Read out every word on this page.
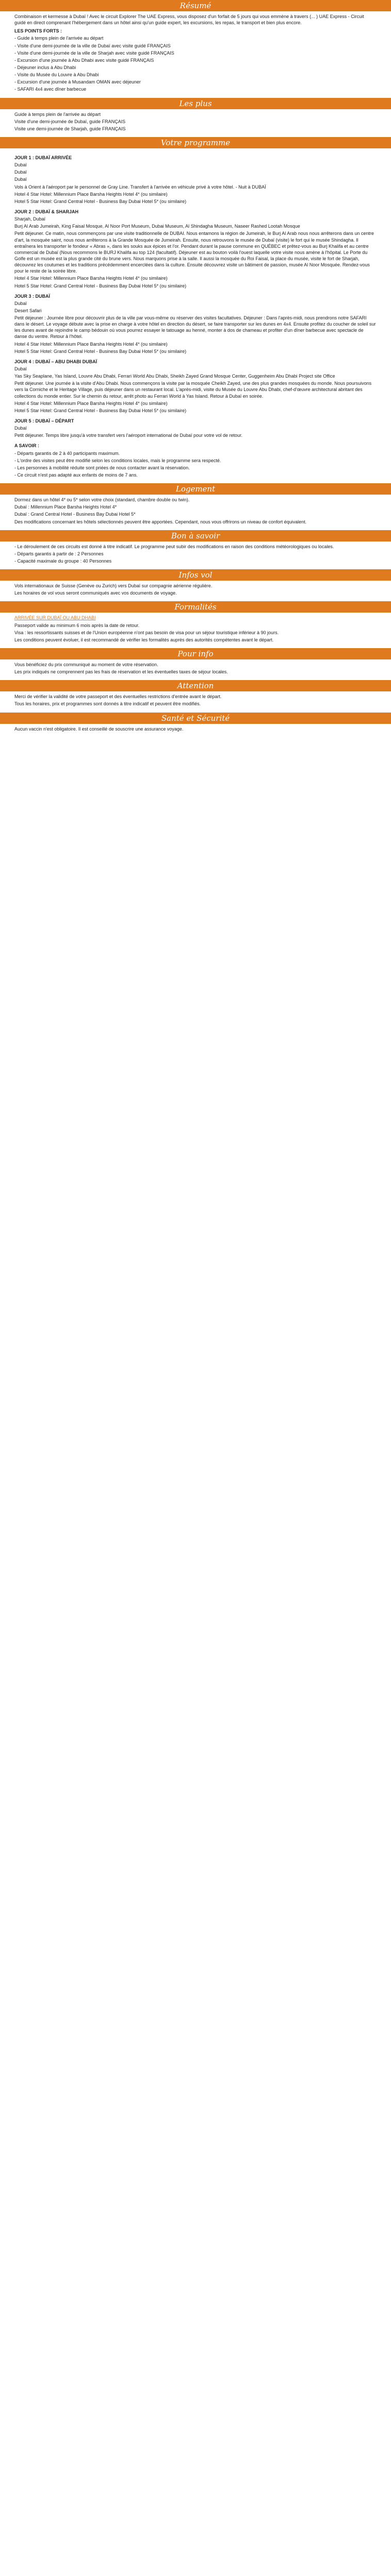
Résumé

Combinaison et kermesse à Dubaï ! Avec le circuit Explorer The UAE Express, vous disposez d'un forfait de 5 jours qui vous emmène à travers (... ) UAE Express - Circuit guidé en direct comprenant l'hébergement dans un hôtel ainsi qu'un guide expert, les excursions, les repas, le transport et bien plus encore.

LES POINTS FORTS :

- Guide à temps plein de l'arrivée au départ

- Visite d'une demi-journée de la ville de Dubaï avec visite guidé FRANÇAIS

- Visite d'une demi-journée de la ville de Sharjah avec visite guidé FRANÇAIS

- Excursion d'une journée à Abu Dhabi avec visite guidé FRANÇAIS

- Déjeuner inclus à Abu Dhabi

- Visite du Musée du Louvre à Abu Dhabi

- Excursion d'une journée à Musandam OMAN avec déjeuner

- SAFARI 4x4 avec dîner barbecue

Les plus

Guide à temps plein de l'arrivée au départ

Visite d'une demi-journée de Dubaï, guide FRANÇAIS

Visite une demi-journée de Sharjah, guide FRANÇAIS

Votre programme

JOUR 1 : DUBAÏ ARRIVÉE

Dubaï

Dubaï

Dubaï

Vols à Orient à l'aéroport par le personnel de Gray Line. Transfert à l'arrivée en véhicule privé à votre hôtel. - Nuit à DUBAÏ

Hotel 4 Star Hotel: Millennium Place Barsha Heights Hotel 4* (ou similaire)

Hotel 5 Star Hotel: Grand Central Hotel - Business Bay Dubai Hotel 5* (ou similaire)

JOUR 2 : DUBAÏ & SHARJAH

Sharjah, Dubaï

Burj Al Arab Jumeirah, King Faisal Mosque, Al Noor Port Museum, Dubai Museum, Al Shindagha Museum, Naseer Rashed Lootah Mosque

Petit déjeuner. Ce matin, nous commençons par une visite traditionnelle de DUBAI. Nous entamons la région de Jumeirah, le Burj Al Arab nous nous arrêterons dans un centre d'art, la mosquée saint, nous nous arrêterons à la Grande Mosquée de Jumeirah. Ensuite, nous retrouvons le musée de Dubaï (visite) le fort qui le musée Shindagha. Il entraînera les transporter le fondeur « Abras », dans les souks aux épices et l'or. Pendant durant la pause commune en QUÉBEC et prêtez-vous au Burj Khalifa et au centre commercial de Dubaï (Nous recommons le BURJ Khalifa au top 124 (facultatif). Déjeuner est au bouton voilà l'ouest laquelle votre visite nous amène à l'hôpital. Le Porte du Golfe est un musée est la plus grande cité du brune vers. Nous marquons prise à la salle. Il aussi la mosquée du Roi Faisal, la place du musée, visite le fort de Sharjah, découvrez les coutumes et les traditions précédemment encerclées dans la culture. Ensuite découvrez visite un bâtiment de passion, musée Al Noor Mosquée. Rendez-vous pour le reste de la soirée libre.

Hotel 4 Star Hotel: Millennium Place Barsha Heights Hotel 4* (ou similaire)

Hotel 5 Star Hotel: Grand Central Hotel - Business Bay Dubai Hotel 5* (ou similaire)

JOUR 3 : DUBAÏ

Dubaï

Desert Safari

Petit déjeuner : Journée libre pour découvrir plus de la ville par vous-même ou réserver des visites facultatives. Déjeuner : Dans l'après-midi, nous prendrons notre SAFARI dans le désert. Le voyage débute avec la prise en charge à votre hôtel en direction du désert, se faire transporter sur les dunes en 4x4. Ensuite profitez du coucher de soleil sur les dunes avant de rejoindre le camp bédouin où vous pourrez essayer le tatouage au henné, monter à dos de chameau et profiter d'un dîner barbecue avec spectacle de danse du ventre. Retour à l'hôtel.

Hotel 4 Star Hotel: Millennium Place Barsha Heights Hotel 4* (ou similaire)

Hotel 5 Star Hotel: Grand Central Hotel - Business Bay Dubai Hotel 5* (ou similaire)

JOUR 4 : DUBAÏ – ABU DHABI DUBAÏ

Dubaï

Yas Sky Seaplane, Yas Island, Louvre Abu Dhabi, Ferrari World Abu Dhabi, Sheikh Zayed Grand Mosque Center, Guggenheim Abu Dhabi Project site Office

Petit déjeuner. Une journée à la visite d'Abu Dhabi. Nous commençons la visite par la mosquée Cheikh Zayed, une des plus grandes mosquées du monde. Nous poursuivons vers la Corniche et le Heritage Village, puis déjeuner dans un restaurant local. L'après-midi, visite du Musée du Louvre Abu Dhabi, chef-d'œuvre architectural abritant des collections du monde entier. Sur le chemin du retour, arrêt photo au Ferrari World à Yas Island. Retour à Dubaï en soirée.

Hotel 4 Star Hotel: Millennium Place Barsha Heights Hotel 4* (ou similaire)

Hotel 5 Star Hotel: Grand Central Hotel - Business Bay Dubai Hotel 5* (ou similaire)

JOUR 5 : DUBAÏ – DÉPART

Dubaï

Petit déjeuner. Temps libre jusqu'à votre transfert vers l'aéroport international de Dubaï pour votre vol de retour.

A SAVOIR :

- Départs garantis de 2 à 40 participants maximum.

- L'ordre des visites peut être modifié selon les conditions locales, mais le programme sera respecté.

- Les personnes à mobilité réduite sont priées de nous contacter avant la réservation.

- Ce circuit n'est pas adapté aux enfants de moins de 7 ans.

Logement

Dormez dans un hôtel 4* ou 5* selon votre choix (standard, chambre double ou twin).

Dubaï : Millennium Place Barsha Heights Hotel 4*

Dubaï : Grand Central Hotel - Business Bay Dubai Hotel 5*

Des modifications concernant les hôtels sélectionnés peuvent être apportées. Cependant, nous vous offrirons un niveau de confort équivalent.

Bon à savoir

- Le déroulement de ces circuits est donné à titre indicatif. Le programme peut subir des modifications en raison des conditions météorologiques ou locales.

- Départs garantis à partir de : 2 Personnes

- Capacité maximale du groupe : 40 Personnes

Infos vol

Vols internationaux de Suisse (Genève ou Zurich) vers Dubaï sur compagnie aérienne régulière.

Les horaires de vol vous seront communiqués avec vos documents de voyage.

Formalités

ARRIVÉE SUR DUBAÏ OU ABU DHABI

Passeport valide au minimum 6 mois après la date de retour.

Visa : les ressortissants suisses et de l'Union européenne n'ont pas besoin de visa pour un séjour touristique inférieur à 90 jours.

Les conditions peuvent évoluer, il est recommandé de vérifier les formalités auprès des autorités compétentes avant le départ.

Pour info

Vous bénéficiez du prix communiqué au moment de votre réservation.

Les prix indiqués ne comprennent pas les frais de réservation et les éventuelles taxes de séjour locales.

Attention

Merci de vérifier la validité de votre passeport et des éventuelles restrictions d'entrée avant le départ.

Tous les horaires, prix et programmes sont donnés à titre indicatif et peuvent être modifiés.

Santé et Sécurité

Aucun vaccin n'est obligatoire. Il est conseillé de souscrire une assurance voyage.
